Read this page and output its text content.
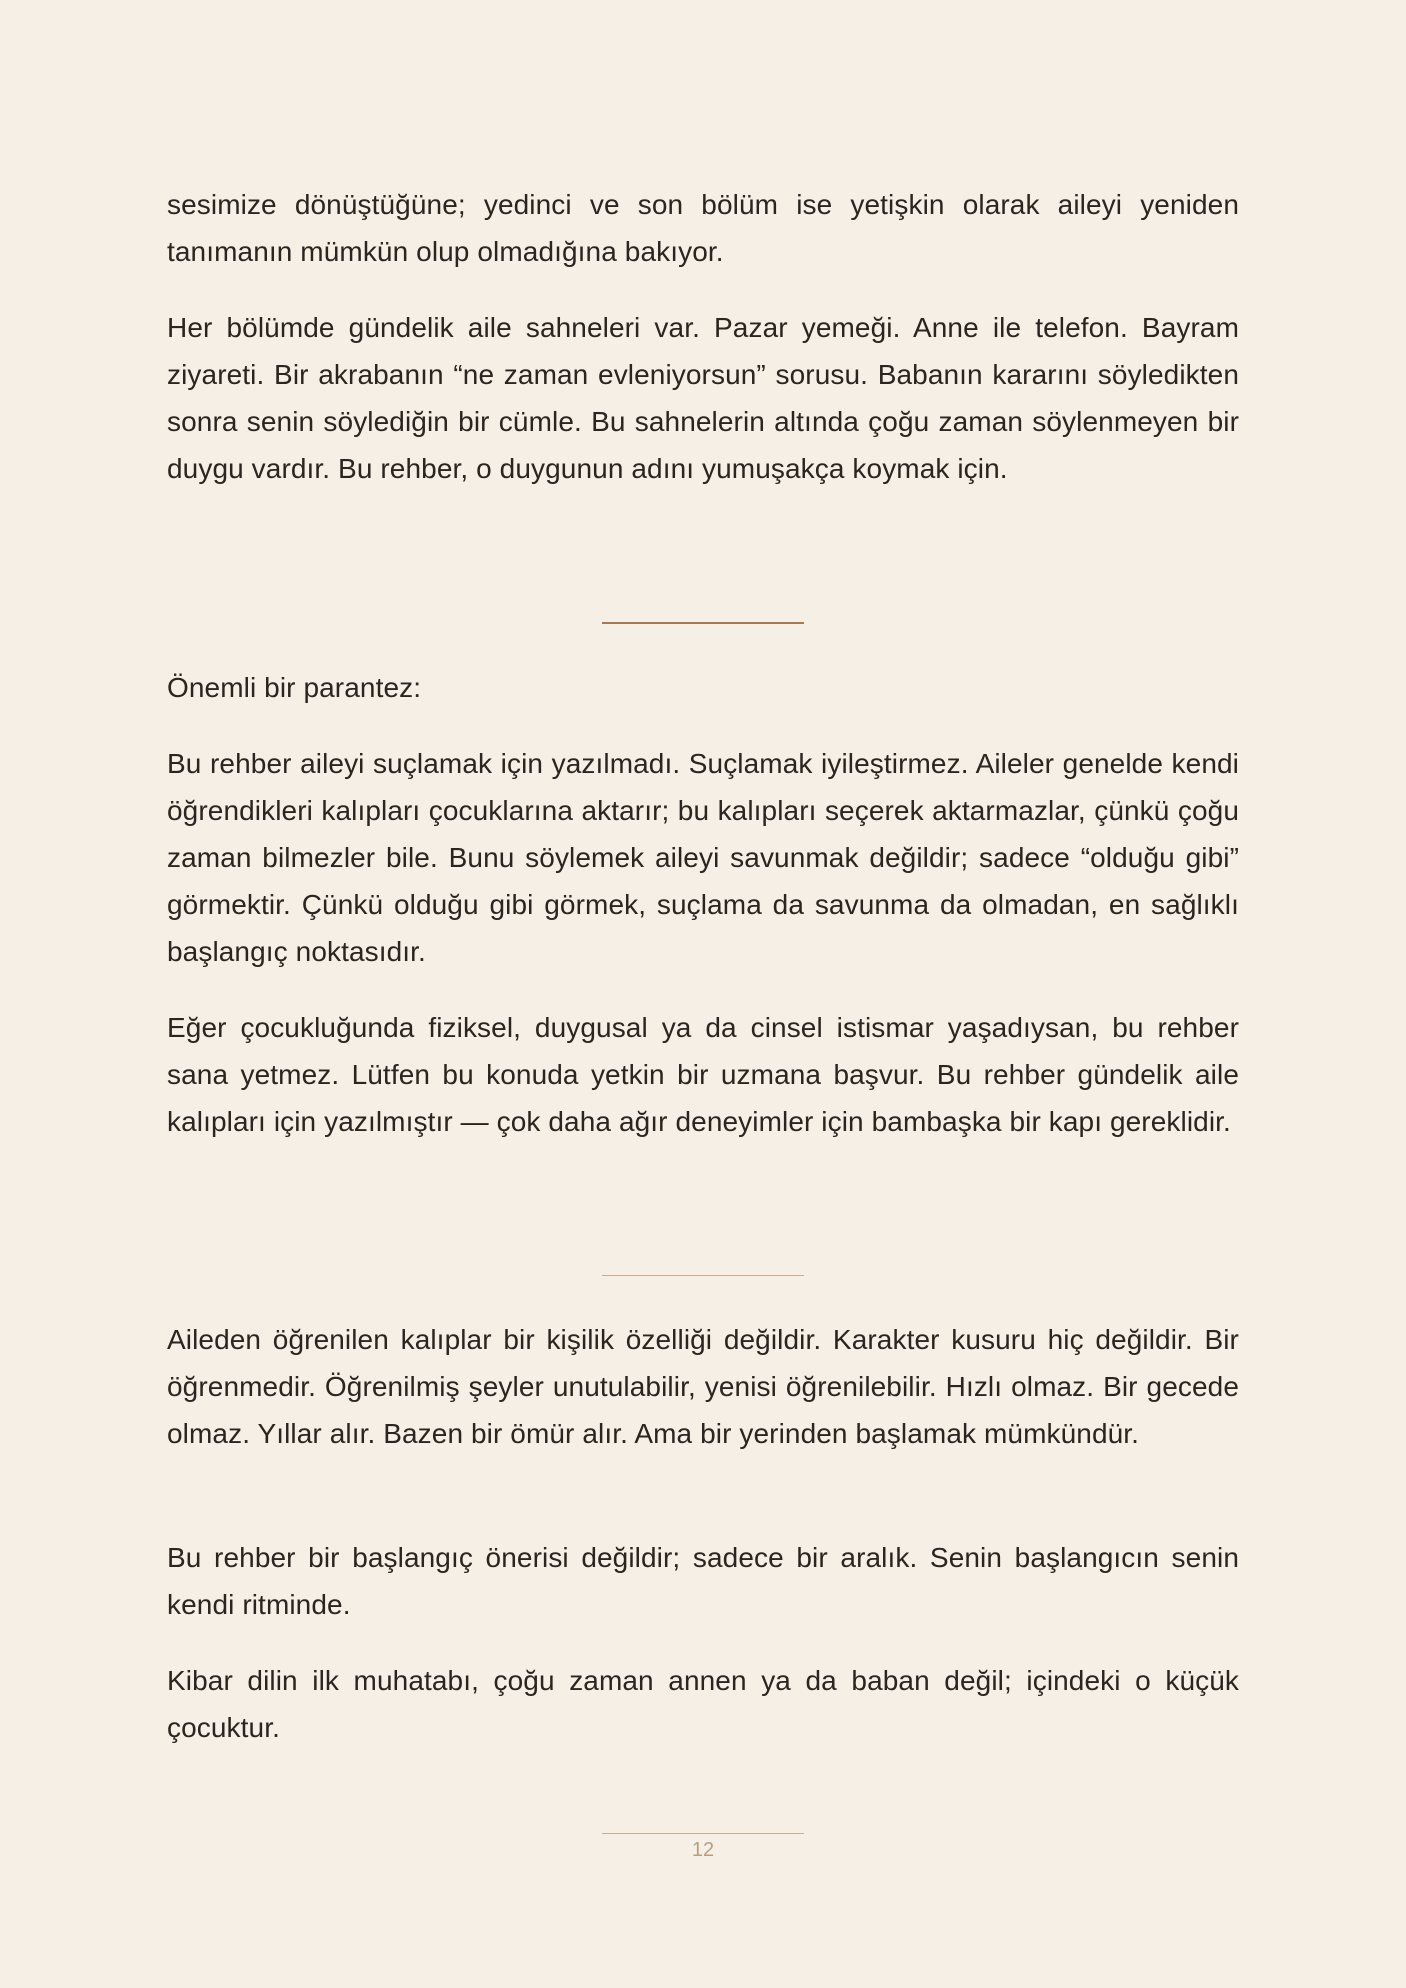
sesimize dönüştüğüne; yedinci ve son bölüm ise yetişkin olarak aileyi yeniden tanımanın mümkün olup olmadığına bakıyor.

Her bölümde gündelik aile sahneleri var. Pazar yemeği. Anne ile telefon. Bayram ziyareti. Bir akrabanın “ne zaman evleniyorsun” sorusu. Babanın kararını söyledikten sonra senin söylediğin bir cümle. Bu sahnelerin altında çoğu zaman söylenmeyen bir duygu vardır. Bu rehber, o duygunun adını yumuşakça koymak için.

Önemli bir parantez:

Bu rehber aileyi suçlamak için yazılmadı. Suçlamak iyileştirmez. Aileler genelde kendi öğrendikleri kalıpları çocuklarına aktarır; bu kalıpları seçerek aktarmazlar, çünkü çoğu zaman bilmezler bile. Bunu söylemek aileyi savunmak değildir; sadece “olduğu gibi” görmektir. Çünkü olduğu gibi görmek, suçlama da savunma da olmadan, en sağlıklı başlangıç noktasıdır.

Eğer çocukluğunda fiziksel, duygusal ya da cinsel istismar yaşadıysan, bu rehber sana yetmez. Lütfen bu konuda yetkin bir uzmana başvur. Bu rehber gündelik aile kalıpları için yazılmıştır — çok daha ağır deneyimler için bambaşka bir kapı gereklidir.

Aileden öğrenilen kalıplar bir kişilik özelliği değildir. Karakter kusuru hiç değildir. Bir öğrenmedir. Öğrenilmiş şeyler unutulabilir, yenisi öğrenilebilir. Hızlı olmaz. Bir gecede olmaz. Yıllar alır. Bazen bir ömür alır. Ama bir yerinden başlamak mümkündür.

Bu rehber bir başlangıç önerisi değildir; sadece bir aralık. Senin başlangıcın senin kendi ritminde.

Kibar dilin ilk muhatabı, çoğu zaman annen ya da baban değil; içindeki o küçük çocuktur.

12
